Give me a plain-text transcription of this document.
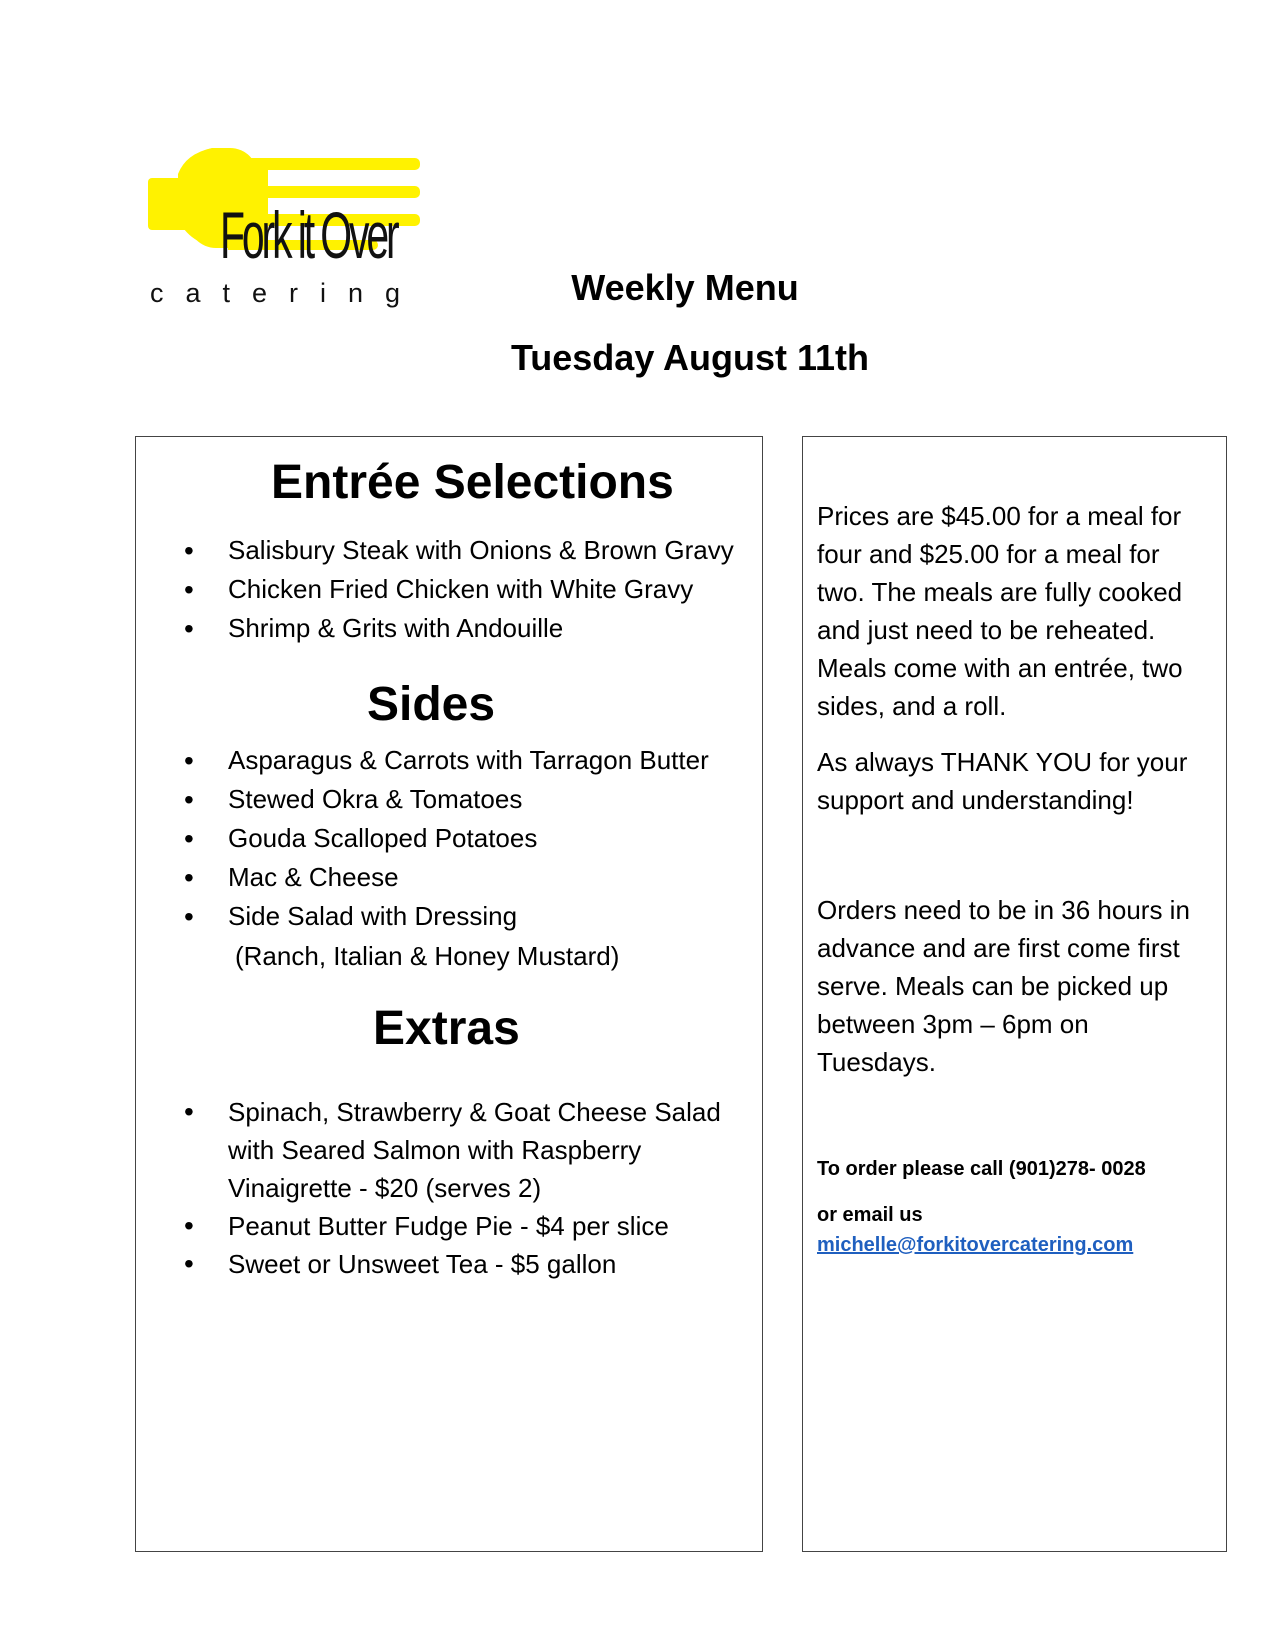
Fork it Over
catering	Weekly Menu
Tuesday August 11th
Entrée Selections
• Salisbury Steak with Onions & Brown Gravy
• Chicken Fried Chicken with White Gravy
• Shrimp & Grits with Andouille
Sides
• Asparagus & Carrots with Tarragon Butter
• Stewed Okra & Tomatoes
• Gouda Scalloped Potatoes
• Mac & Cheese
• Side Salad with Dressing
(Ranch, Italian & Honey Mustard)
Extras
• Spinach, Strawberry & Goat Cheese Salad
with Seared Salmon with Raspberry
Vinaigrette - $20 (serves 2)
• Peanut Butter Fudge Pie - $4 per slice
• Sweet or Unsweet Tea - $5 gallon

Prices are $45.00 for a meal for four and $25.00 for a meal for two. The meals are fully cooked and just need to be reheated. Meals come with an entrée, two sides, and a roll.

As always THANK YOU for your support and understanding!

Orders need to be in 36 hours in advance and are first come first serve. Meals can be picked up between 3pm – 6pm on Tuesdays.

To order please call (901)278- 0028

or email us

michelle@forkitovercatering.com
